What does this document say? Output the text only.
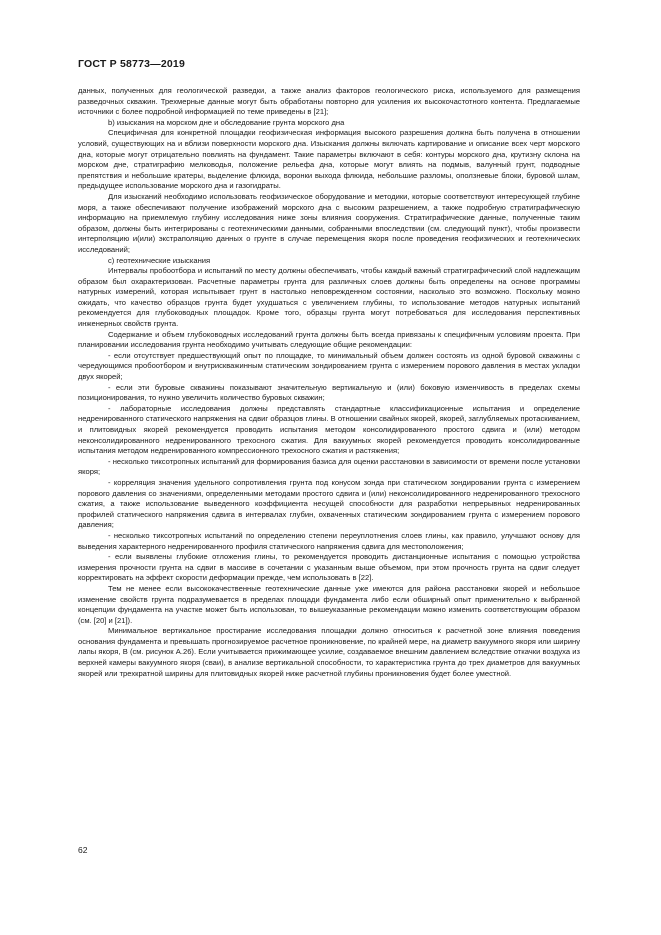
ГОСТ Р 58773—2019

данных, полученных для геологической разведки, а также анализ факторов геологического риска, используемого для размещения разведочных скважин. Трехмерные данные могут быть обработаны повторно для усиления их высокочастотного контента. Предлагаемые источники с более подробной информацией по теме приведены в [21];

b) изыскания на морском дне и обследование грунта морского дна

Специфичная для конкретной площадки геофизическая информация высокого разрешения должна быть получена в отношении условий, существующих на и вблизи поверхности морского дна. Изыскания должны включать картирование и описание всех черт морского дна, которые могут отрицательно повлиять на фундамент. Такие параметры включают в себя: контуры морского дна, крутизну склона на морском дне, стратиграфию мелководья, положение рельефа дна, которые могут влиять на подмыв, валунный грунт, подводные препятствия и небольшие кратеры, выделение флюида, воронки выхода флюида, небольшие разломы, оползневые блоки, буровой шлам, предыдущее использование морского дна и газогидраты.

Для изысканий необходимо использовать геофизическое оборудование и методики, которые соответствуют интересующей глубине моря, а также обеспечивают получение изображений морского дна с высоким разрешением, а также подробную стратиграфическую информацию на приемлемую глубину исследования ниже зоны влияния сооружения. Стратиграфические данные, полученные таким образом, должны быть интегрированы с геотехническими данными, собранными впоследствии (см. следующий пункт), чтобы произвести интерполяцию и(или) экстраполяцию данных о грунте в случае перемещения якоря после проведения геофизических и геотехнических исследований;

c) геотехнические изыскания

Интервалы пробоотбора и испытаний по месту должны обеспечивать, чтобы каждый важный стратиграфический слой надлежащим образом был охарактеризован. Расчетные параметры грунта для различных слоев должны быть определены на основе программы натурных измерений, которая испытывает грунт в настолько неповрежденном состоянии, насколько это возможно. Поскольку можно ожидать, что качество образцов грунта будет ухудшаться с увеличением глубины, то использование методов натурных испытаний рекомендуется для глубоководных площадок. Кроме того, образцы грунта могут потребоваться для исследования перспективных инженерных свойств грунта.

Содержание и объем глубоководных исследований грунта должны быть всегда привязаны к специфичным условиям проекта. При планировании исследования грунта необходимо учитывать следующие общие рекомендации:

- если отсутствует предшествующий опыт по площадке, то минимальный объем должен состоять из одной буровой скважины с чередующимся пробоотбором и внутрискважинным статическим зондированием грунта с измерением порового давления в местах укладки двух якорей;

- если эти буровые скважины показывают значительную вертикальную и (или) боковую изменчивость в пределах схемы позиционирования, то нужно увеличить количество буровых скважин;

- лабораторные исследования должны представлять стандартные классификационные испытания и определение недренированного статического напряжения на сдвиг образцов глины. В отношении свайных якорей, якорей, заглубляемых протаскиванием, и плитовидных якорей рекомендуется проводить испытания методом консолидированного простого сдвига и (или) методом неконсолидированного недренированного трехосного сжатия. Для вакуумных якорей рекомендуется проводить консолидированные испытания методом недренированного компрессионного трехосного сжатия и растяжения;

- несколько тиксотропных испытаний для формирования базиса для оценки расстановки в зависимости от времени после установки якоря;

- корреляция значения удельного сопротивления грунта под конусом зонда при статическом зондировании грунта с измерением порового давления со значениями, определенными методами простого сдвига и (или) неконсолидированного недренированного трехосного сжатия, а также использование выведенного коэффициента несущей способности для разработки непрерывных недренированных профилей статического напряжения сдвига в интервалах глубин, охваченных статическим зондированием грунта с измерением порового давления;

- несколько тиксотропных испытаний по определению степени переуплотнения слоев глины, как правило, улучшают основу для выведения характерного недренированного профиля статического напряжения сдвига для местоположения;

- если выявлены глубокие отложения глины, то рекомендуется проводить дистанционные испытания с помощью устройства измерения прочности грунта на сдвиг в массиве в сочетании с указанным выше объемом, при этом прочность грунта на сдвиг следует корректировать на эффект скорости деформации прежде, чем использовать в [22].

Тем не менее если высококачественные геотехнические данные уже имеются для района расстановки якорей и небольшое изменение свойств грунта подразумевается в пределах площади фундамента либо если обширный опыт применительно к выбранной концепции фундамента на участке может быть использован, то вышеуказанные рекомендации можно изменить соответствующим образом (см. [20] и [21]).

Минимальное вертикальное простирание исследования площадки должно относиться к расчетной зоне влияния поведения основания фундамента и превышать прогнозируемое расчетное проникновение, по крайней мере, на диаметр вакуумного якоря или ширину лапы якоря, B (см. рисунок А.26). Если учитывается прижимающее усилие, создаваемое внешним давлением вследствие откачки воздуха из верхней камеры вакуумного якоря (сваи), в анализе вертикальной способности, то характеристика грунта до трех диаметров для вакуумных якорей или трехкратной ширины для плитовидных якорей ниже расчетной глубины проникновения будет более уместной.

62
